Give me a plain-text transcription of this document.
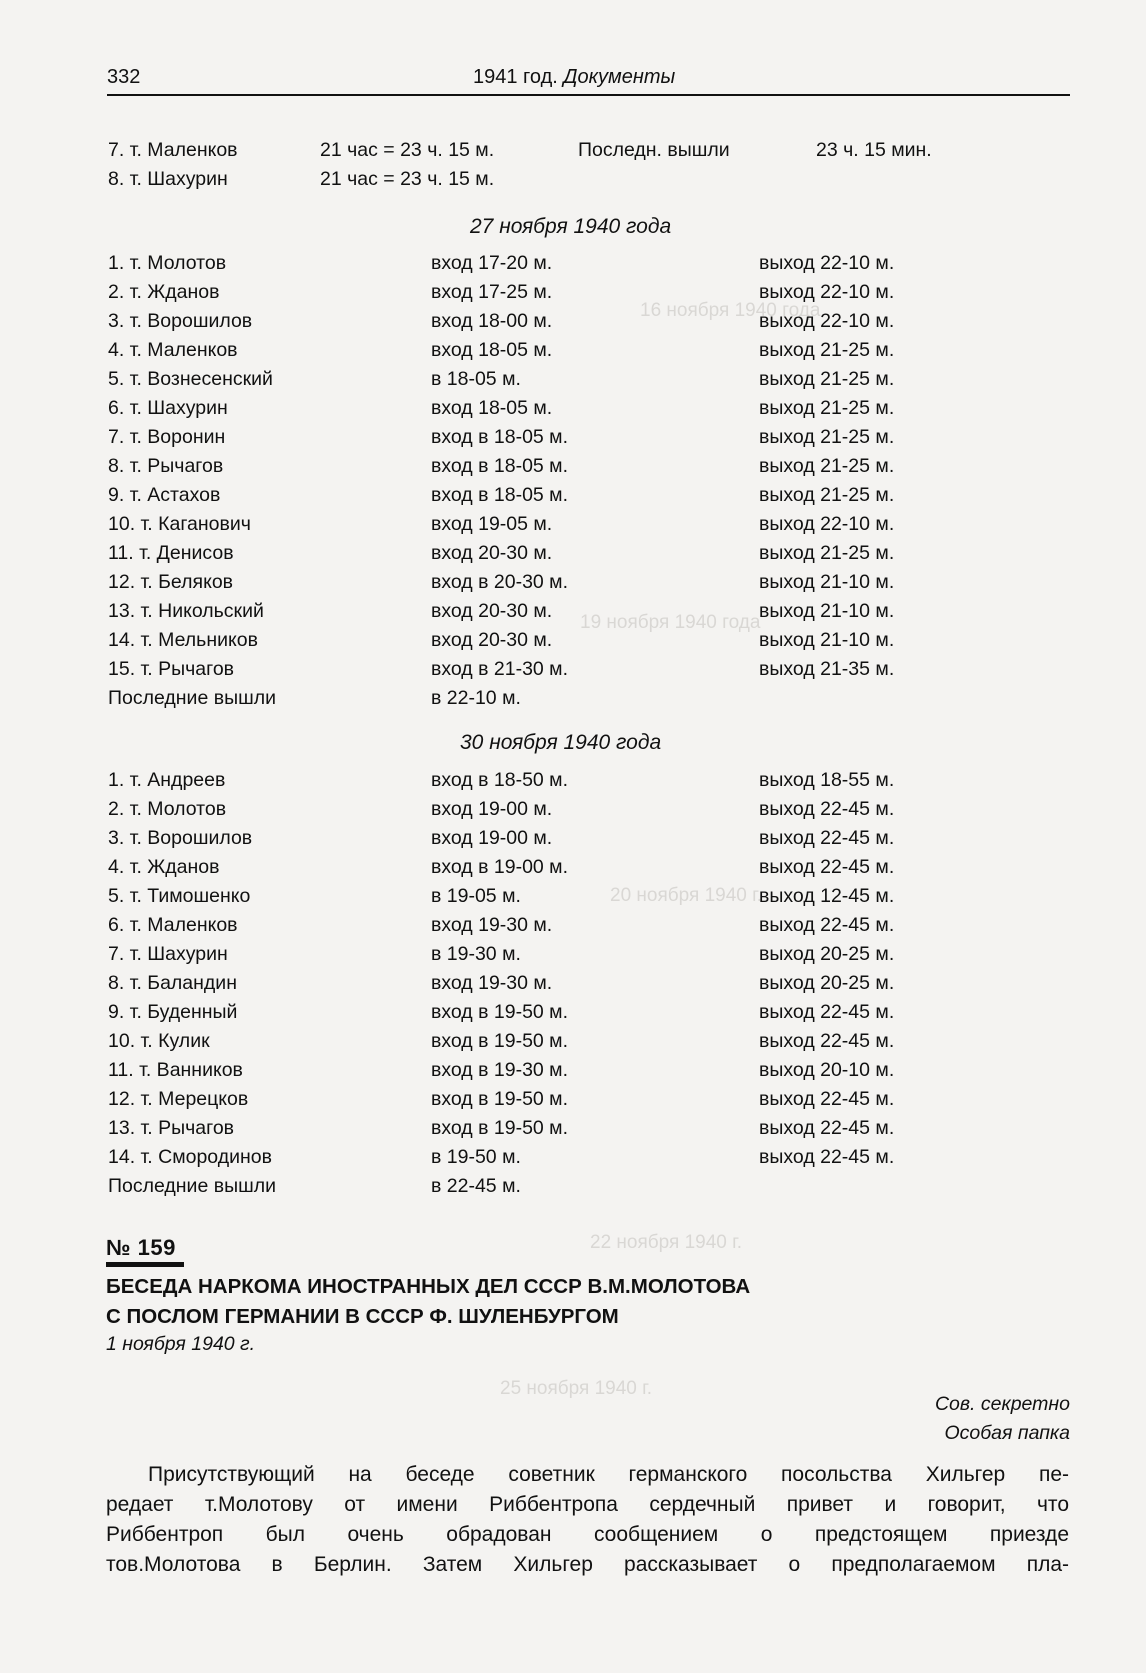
16 ноября 1940 года
19 ноября 1940 года
20 ноября 1940 г.
22 ноября 1940 г.
25 ноября 1940 г.
332	1941 год. Документы
7. т. Маленков	21 час = 23 ч. 15 м.	Последн. вышли	23 ч. 15 мин.
8. т. Шахурин	21 час = 23 ч. 15 м.
27 ноября 1940 года
1. т. Молотов	вход 17-20 м.	выход 22-10 м.
2. т. Жданов	вход 17-25 м.	выход 22-10 м.
3. т. Ворошилов	вход 18-00 м.	выход 22-10 м.
4. т. Маленков	вход 18-05 м.	выход 21-25 м.
5. т. Вознесенский	в 18-05 м.	выход 21-25 м.
6. т. Шахурин	вход 18-05 м.	выход 21-25 м.
7. т. Воронин	вход в 18-05 м.	выход 21-25 м.
8. т. Рычагов	вход в 18-05 м.	выход 21-25 м.
9. т. Астахов	вход в 18-05 м.	выход 21-25 м.
10. т. Каганович	вход 19-05 м.	выход 22-10 м.
11. т. Денисов	вход 20-30 м.	выход 21-25 м.
12. т. Беляков	вход в 20-30 м.	выход 21-10 м.
13. т. Никольский	вход 20-30 м.	выход 21-10 м.
14. т. Мельников	вход 20-30 м.	выход 21-10 м.
15. т. Рычагов	вход в 21-30 м.	выход 21-35 м.
Последние вышли	в 22-10 м.
30 ноября 1940 года
1. т. Андреев	вход в 18-50 м.	выход 18-55 м.
2. т. Молотов	вход 19-00 м.	выход 22-45 м.
3. т. Ворошилов	вход 19-00 м.	выход 22-45 м.
4. т. Жданов	вход в 19-00 м.	выход 22-45 м.
5. т. Тимошенко	в 19-05 м.	выход 12-45 м.
6. т. Маленков	вход 19-30 м.	выход 22-45 м.
7. т. Шахурин	в 19-30 м.	выход 20-25 м.
8. т. Баландин	вход 19-30 м.	выход 20-25 м.
9. т. Буденный	вход в 19-50 м.	выход 22-45 м.
10. т. Кулик	вход в 19-50 м.	выход 22-45 м.
11. т. Ванников	вход в 19-30 м.	выход 20-10 м.
12. т. Мерецков	вход в 19-50 м.	выход 22-45 м.
13. т. Рычагов	вход в 19-50 м.	выход 22-45 м.
14. т. Смородинов	в 19-50 м.	выход 22-45 м.
Последние вышли	в 22-45 м.
№ 159
БЕСЕДА НАРКОМА ИНОСТРАННЫХ ДЕЛ СССР В.М.МОЛОТОВА
С ПОСЛОМ ГЕРМАНИИ В СССР Ф. ШУЛЕНБУРГОМ
1 ноября 1940 г.
Сов. секретно
Особая папка
Присутствующий на беседе советник германского посольства Хильгер пе-
редает т.Молотову от имени Риббентропа сердечный привет и говорит, что
Риббентроп был очень обрадован сообщением о предстоящем приезде
тов.Молотова в Берлин. Затем Хильгер рассказывает о предполагаемом пла-
